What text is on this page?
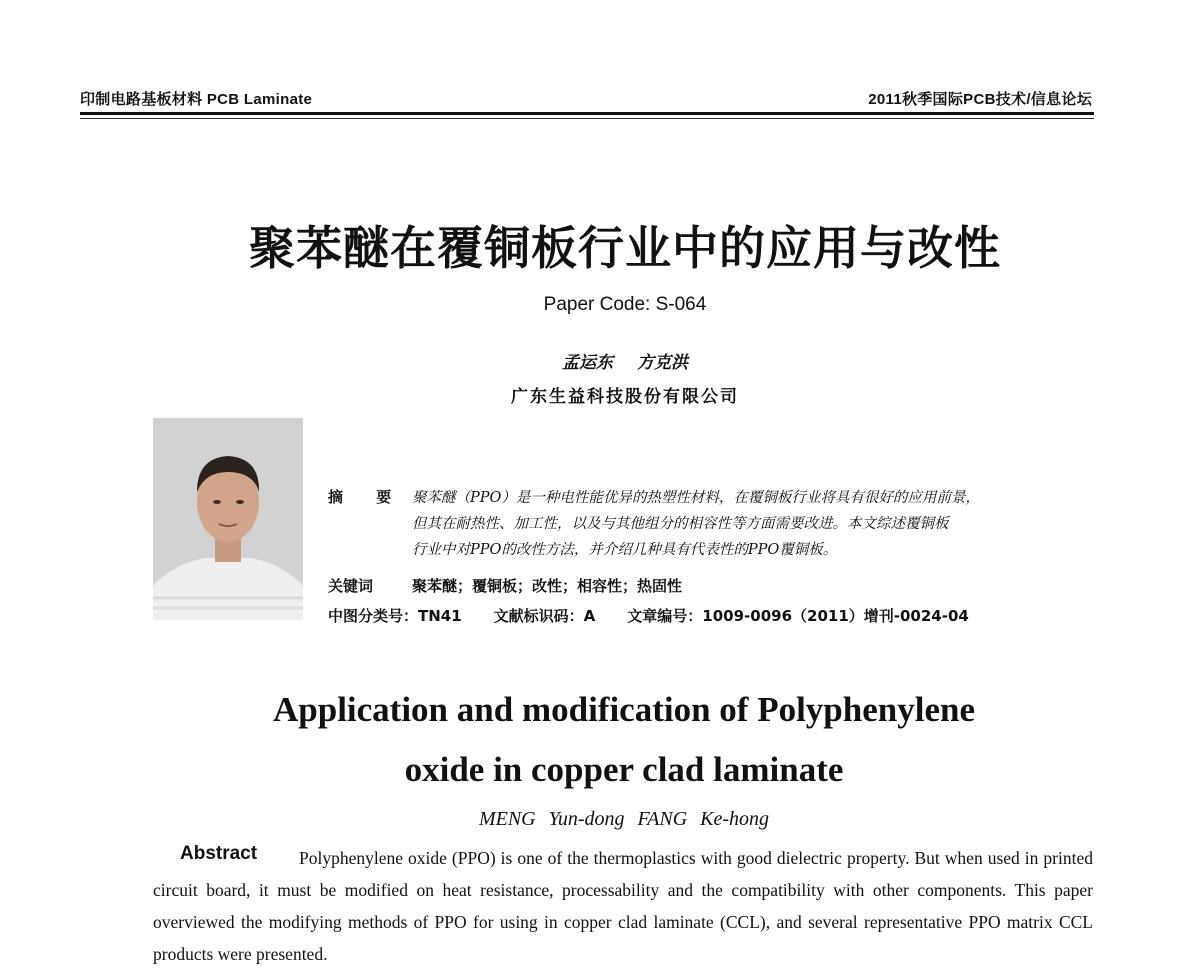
印制电路基板材料 PCB Laminate	2011秋季国际PCB技术/信息论坛
聚苯醚在覆铜板行业中的应用与改性
Paper Code: S-064
孟运东 方克洪
广东生益科技股份有限公司
摘 要 聚苯醚（PPO）是一种电性能优异的热塑性材料，在覆铜板行业将具有很好的应用前景，
但其在耐热性、加工性，以及与其他组分的相容性等方面需要改进。本文综述覆铜板
行业中对PPO的改性方法，并介绍几种具有代表性的PPO覆铜板。
关键词	聚苯醚；覆铜板；改性；相容性；热固性
中图分类号：TN41 文献标识码：A 文章编号：1009-0096（2011）增刊-0024-04
Application and modification of Polyphenylene
oxide in copper clad laminate
MENG Yun-dong FANG Ke-hong
Abstract	Polyphenylene oxide (PPO) is one of the thermoplastics with good dielectric property. But when used in printed circuit board, it must be modified on heat resistance, processability and the compatibility with other components. This paper overviewed the modifying methods of PPO for using in copper clad laminate (CCL), and several representative PPO matrix CCL products were presented.
